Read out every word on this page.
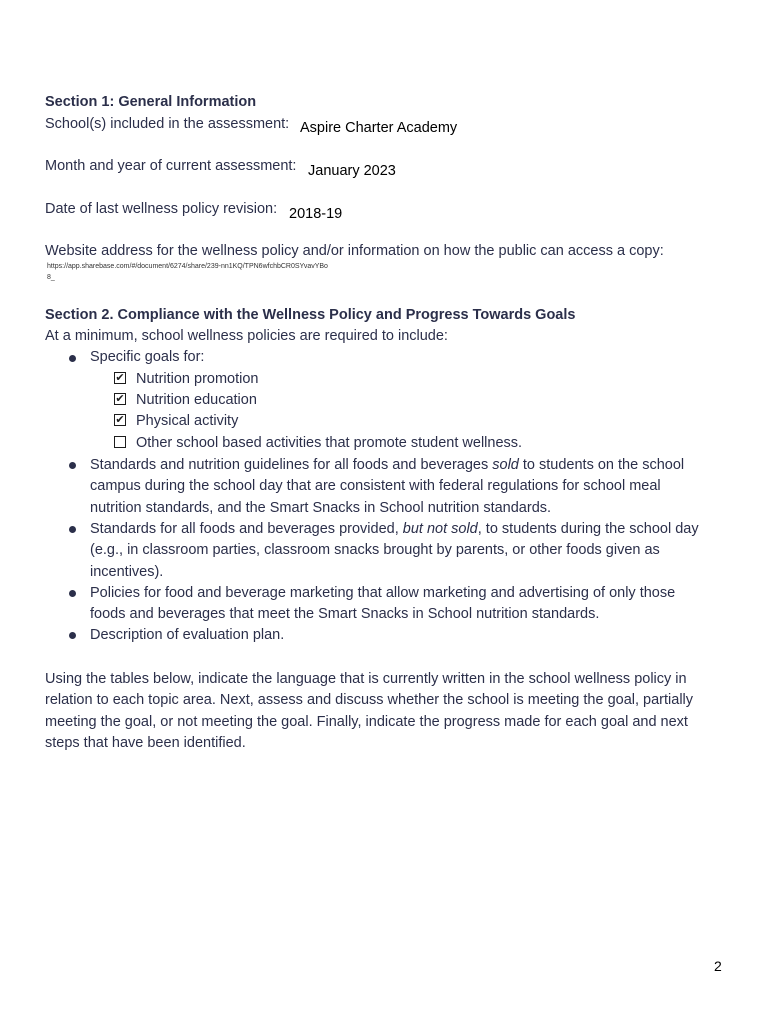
Section 1: General Information
School(s) included in the assessment: Aspire Charter Academy
Month and year of current assessment: January 2023
Date of last wellness policy revision: 2018-19
Website address for the wellness policy and/or information on how the public can access a copy:
https://app.sharebase.com/#/document/6274/share/239-nn1KQ/TPN6wfchbCR0SYvavYBo
8_
Section 2. Compliance with the Wellness Policy and Progress Towards Goals
At a minimum, school wellness policies are required to include:
Specific goals for:
✔ Nutrition promotion
✔ Nutrition education
✔ Physical activity
Other school based activities that promote student wellness.
Standards and nutrition guidelines for all foods and beverages sold to students on the school
campus during the school day that are consistent with federal regulations for school meal
nutrition standards, and the Smart Snacks in School nutrition standards.
Standards for all foods and beverages provided, but not sold, to students during the school day
(e.g., in classroom parties, classroom snacks brought by parents, or other foods given as
incentives).
Policies for food and beverage marketing that allow marketing and advertising of only those
foods and beverages that meet the Smart Snacks in School nutrition standards.
Description of evaluation plan.
Using the tables below, indicate the language that is currently written in the school wellness policy in
relation to each topic area. Next, assess and discuss whether the school is meeting the goal, partially
meeting the goal, or not meeting the goal. Finally, indicate the progress made for each goal and next
steps that have been identified.
2
